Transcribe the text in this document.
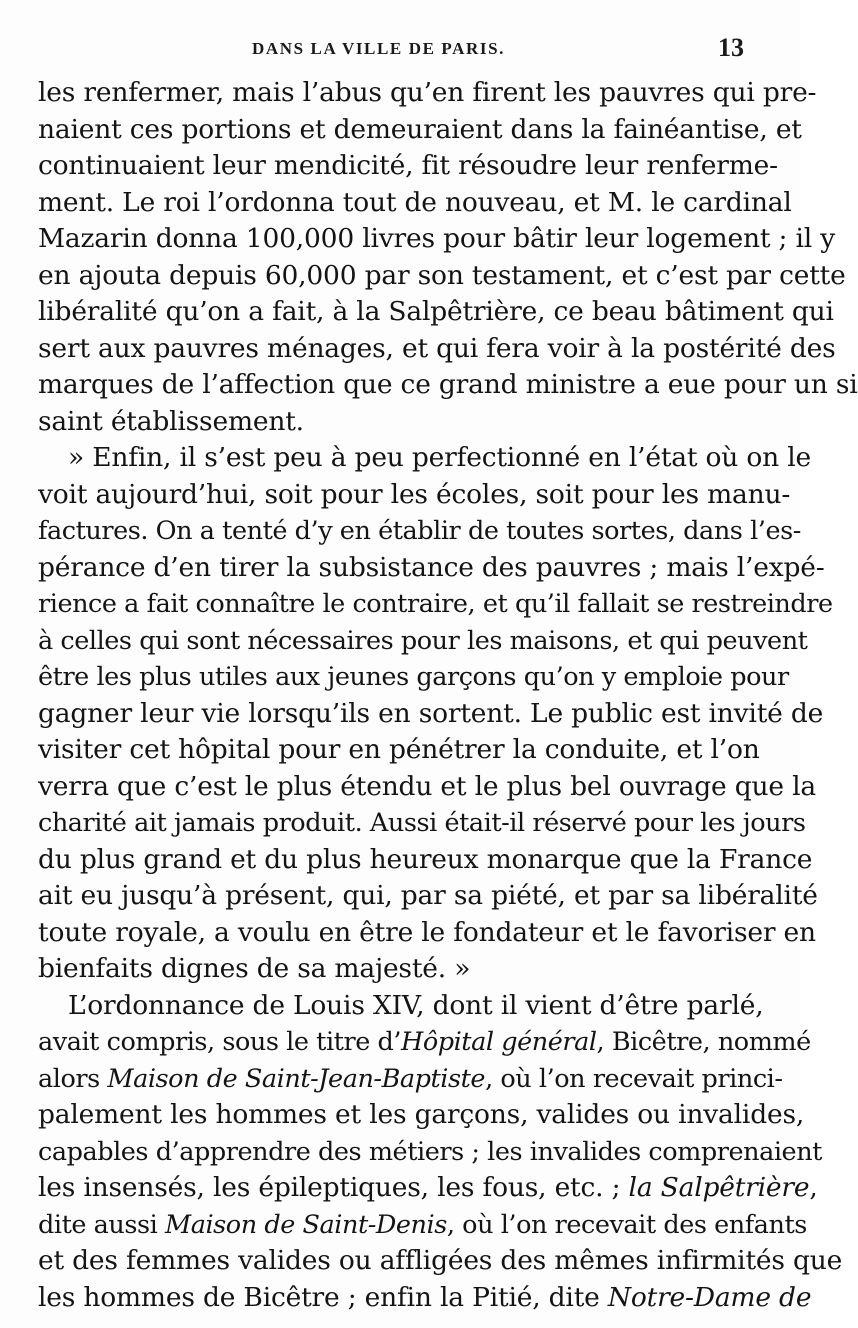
DANS LA VILLE DE PARIS.	13
les renfermer, mais l’abus qu’en firent les pauvres qui pre-
naient ces portions et demeuraient dans la fainéantise, et
continuaient leur mendicité, fit résoudre leur renferme-
ment. Le roi l’ordonna tout de nouveau, et M. le cardinal
Mazarin donna 100,000 livres pour bâtir leur logement ; il y
en ajouta depuis 60,000 par son testament, et c’est par cette
libéralité qu’on a fait, à la Salpêtrière, ce beau bâtiment qui
sert aux pauvres ménages, et qui fera voir à la postérité des
marques de l’affection que ce grand ministre a eue pour un si
saint établissement.
» Enfin, il s’est peu à peu perfectionné en l’état où on le
voit aujourd’hui, soit pour les écoles, soit pour les manu-
factures. On a tenté d’y en établir de toutes sortes, dans l’es-
pérance d’en tirer la subsistance des pauvres ; mais l’expé-
rience a fait connaître le contraire, et qu’il fallait se restreindre
à celles qui sont nécessaires pour les maisons, et qui peuvent
être les plus utiles aux jeunes garçons qu’on y emploie pour
gagner leur vie lorsqu’ils en sortent. Le public est invité de
visiter cet hôpital pour en pénétrer la conduite, et l’on
verra que c’est le plus étendu et le plus bel ouvrage que la
charité ait jamais produit. Aussi était-il réservé pour les jours
du plus grand et du plus heureux monarque que la France
ait eu jusqu’à présent, qui, par sa piété, et par sa libéralité
toute royale, a voulu en être le fondateur et le favoriser en
bienfaits dignes de sa majesté. »
L’ordonnance de Louis XIV, dont il vient d’être parlé,
avait compris, sous le titre d’Hôpital général, Bicêtre, nommé
alors Maison de Saint-Jean-Baptiste, où l’on recevait princi-
palement les hommes et les garçons, valides ou invalides,
capables d’apprendre des métiers ; les invalides comprenaient
les insensés, les épileptiques, les fous, etc. ; la Salpêtrière,
dite aussi Maison de Saint-Denis, où l’on recevait des enfants
et des femmes valides ou affligées des mêmes infirmités que
les hommes de Bicêtre ; enfin la Pitié, dite Notre-Dame de
